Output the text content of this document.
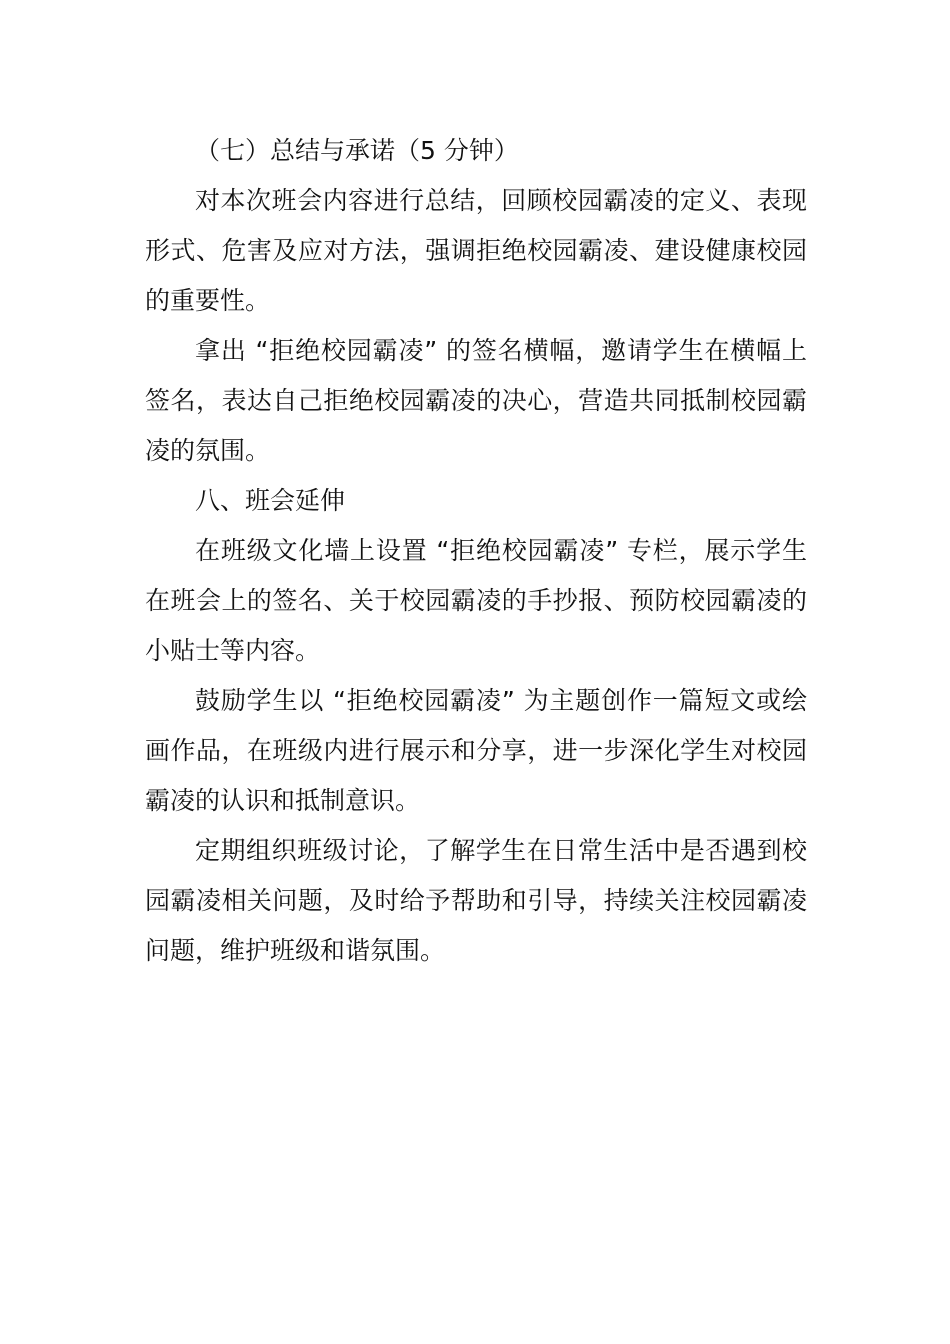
（七）总结与承诺（5 分钟）

对本次班会内容进行总结，回顾校园霸凌的定义、表现形式、危害及应对方法，强调拒绝校园霸凌、建设健康校园的重要性。

拿出 “拒绝校园霸凌” 的签名横幅，邀请学生在横幅上签名，表达自己拒绝校园霸凌的决心，营造共同抵制校园霸凌的氛围。

八、班会延伸

在班级文化墙上设置 “拒绝校园霸凌” 专栏，展示学生在班会上的签名、关于校园霸凌的手抄报、预防校园霸凌的小贴士等内容。

鼓励学生以 “拒绝校园霸凌” 为主题创作一篇短文或绘画作品，在班级内进行展示和分享，进一步深化学生对校园霸凌的认识和抵制意识。

定期组织班级讨论，了解学生在日常生活中是否遇到校园霸凌相关问题，及时给予帮助和引导，持续关注校园霸凌问题，维护班级和谐氛围。
